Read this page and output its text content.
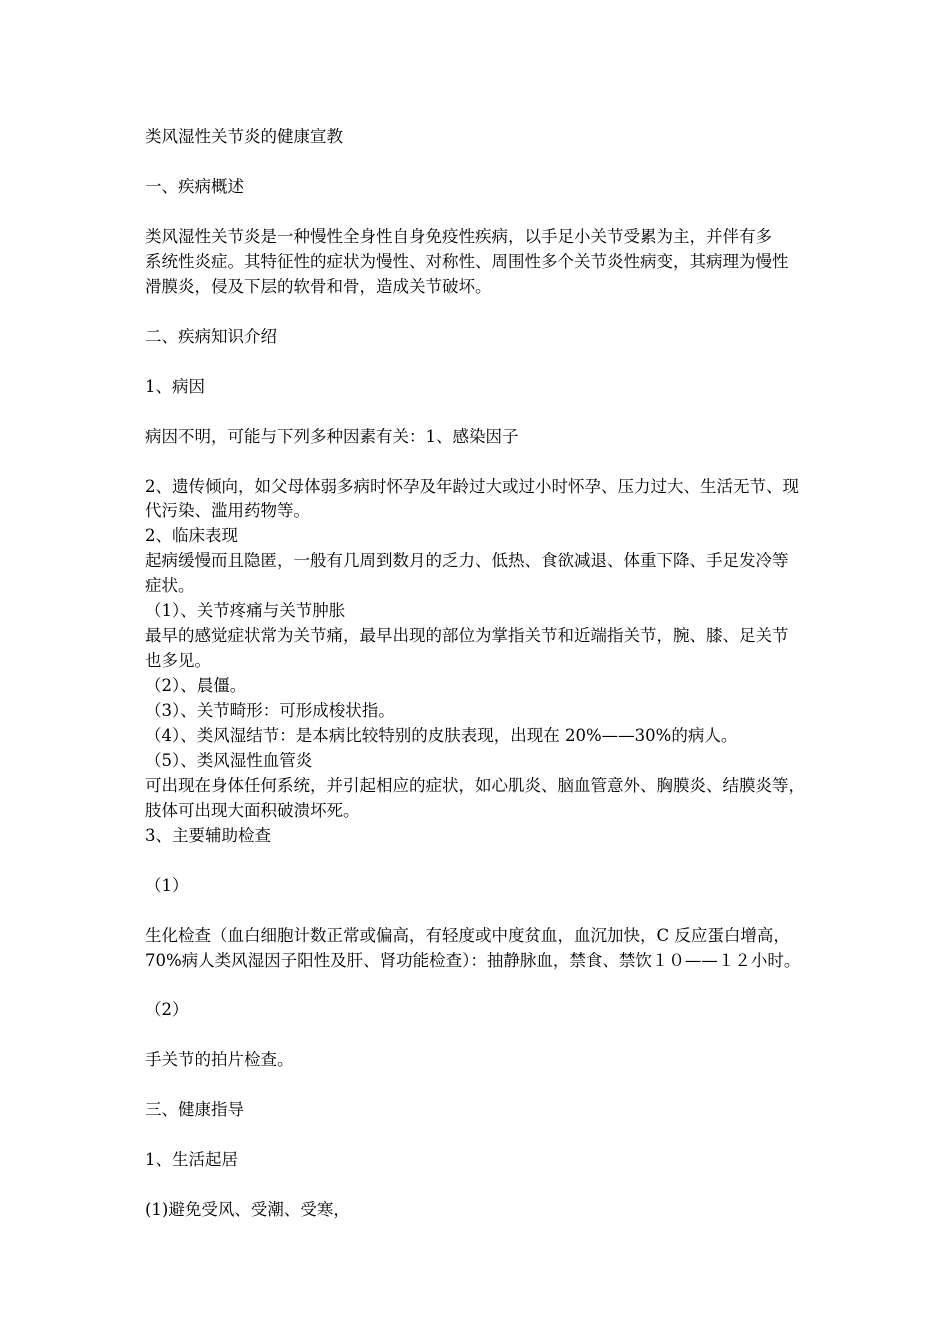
类风湿性关节炎的健康宣教
一、疾病概述
类风湿性关节炎是一种慢性全身性自身免疫性疾病，以手足小关节受累为主，并伴有多
系统性炎症。其特征性的症状为慢性、对称性、周围性多个关节炎性病变，其病理为慢性
滑膜炎，侵及下层的软骨和骨，造成关节破坏。
二、疾病知识介绍
1、病因
病因不明，可能与下列多种因素有关：1、感染因子
2、遗传倾向，如父母体弱多病时怀孕及年龄过大或过小时怀孕、压力过大、生活无节、现
代污染、滥用药物等。
2、临床表现
起病缓慢而且隐匿，一般有几周到数月的乏力、低热、食欲减退、体重下降、手足发冷等
症状。
（1）、关节疼痛与关节肿胀
最早的感觉症状常为关节痛，最早出现的部位为掌指关节和近端指关节，腕、膝、足关节
也多见。
（2）、晨僵。
（3）、关节畸形：可形成梭状指。
（4）、类风湿结节：是本病比较特别的皮肤表现，出现在 20%——30%的病人。
（5）、类风湿性血管炎
可出现在身体任何系统，并引起相应的症状，如心肌炎、脑血管意外、胸膜炎、结膜炎等，
肢体可出现大面积破溃坏死。
3、主要辅助检查
（1）
生化检查（血白细胞计数正常或偏高，有轻度或中度贫血，血沉加快，C 反应蛋白增高，
70%病人类风湿因子阳性及肝、肾功能检查）：抽静脉血，禁食、禁饮１０——１２小时。
（2）
手关节的拍片检查。
三、健康指导
1、生活起居
(1)避免受风、受潮、受寒，
